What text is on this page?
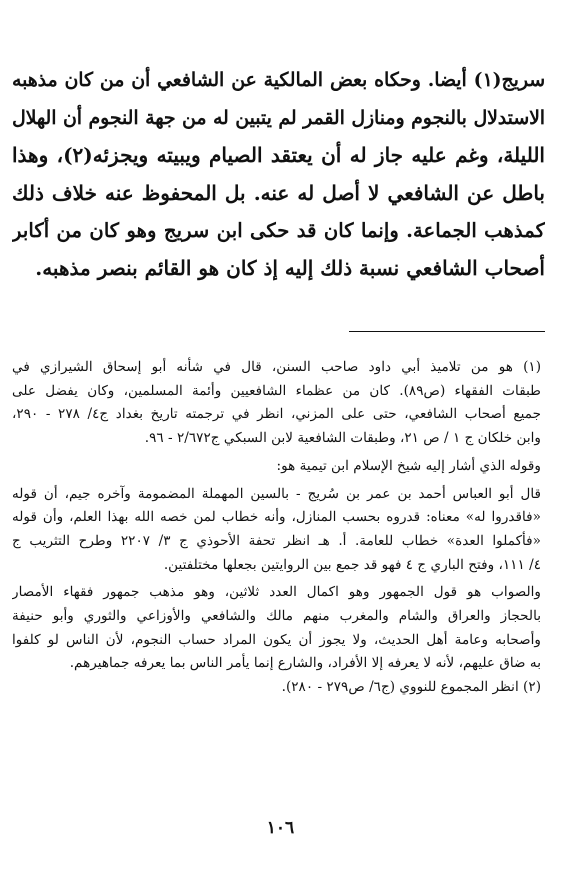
سريج(١) أيضا. وحكاه بعض المالكية عن الشافعي أن من كان مذهبه
الاستدلال بالنجوم ومنازل القمر لم يتبين له من جهة النجوم أن الهلال
الليلة، وغم عليه جاز له أن يعتقد الصيام ويبيته ويجزئه(٢)، وهذا
باطل عن الشافعي لا أصل له عنه. بل المحفوظ عنه خلاف ذلك
كمذهب الجماعة. وإنما كان قد حكى ابن سريج وهو كان من أكابر
أصحاب الشافعي نسبة ذلك إليه إذ كان هو القائم بنصر مذهبه.
(١) هو من تلاميذ أبي داود صاحب السنن، قال في شأنه أبو إسحاق الشيرازي في
طبقات الفقهاء (ص٨٩). كان من عظماء الشافعيين وأئمة المسلمين، وكان يفضل على
جميع أصحاب الشافعي، حتى على المزني، انظر في ترجمته تاريخ بغداد ج٤/ ٢٧٨ - ٢٩٠،
وابن خلكان ج ١ / ص ٢١، وطبقات الشافعية لابن السبكي ج٢/٦٧٢ - ٩٦.
وقوله الذي أشار إليه شيخ الإسلام ابن تيمية هو:
قال أبو العباس أحمد بن عمر بن سُريج - بالسين المهملة المضمومة وآخره جيم، أن قوله
«فاقدروا له» معناه: قدروه بحسب المنازل، وأنه خطاب لمن خصه الله بهذا العلم، وأن قوله
«فأكملوا العدة» خطاب للعامة. أ. هـ انظر تحفة الأحوذي ج ٣/ ٢٢٠٧ وطرح التثريب ج
٤/ ١١١، وفتح الباري ج ٤ فهو قد جمع بين الروايتين بجعلها مختلفتين.
والصواب هو قول الجمهور وهو اكمال العدد ثلاثين، وهو مذهب جمهور فقهاء الأمصار
بالحجاز والعراق والشام والمغرب منهم مالك والشافعي والأوزاعي والثوري وأبو حنيفة
وأصحابه وعامة أهل الحديث، ولا يجوز أن يكون المراد حساب النجوم، لأن الناس لو كلفوا
به ضاق عليهم، لأنه لا يعرفه إلا الأفراد، والشارع إنما يأمر الناس بما يعرفه جماهيرهم.
(٢) انظر المجموع للنووي (ج٦/ ص٢٧٩ - ٢٨٠).
١٠٦
